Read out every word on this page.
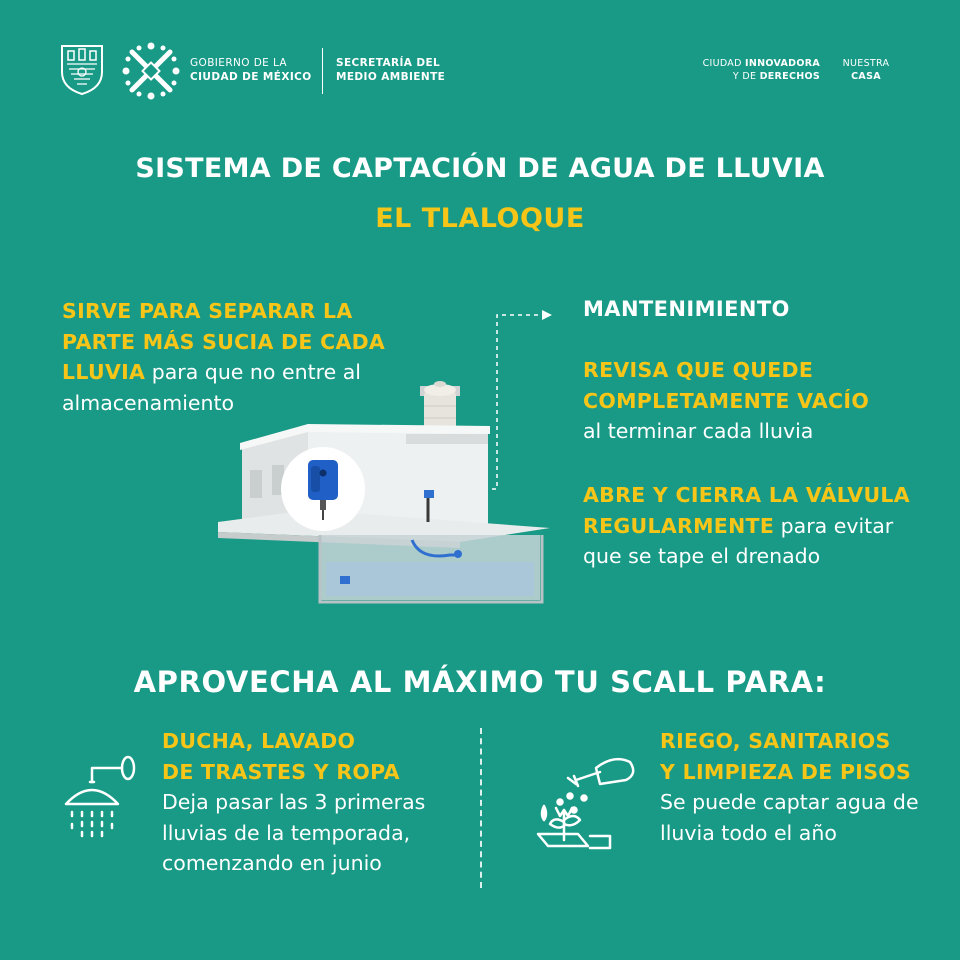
GOBIERNO DE LA
CIUDAD DE MÉXICO
SECRETARÍA DEL
MEDIO AMBIENTE
CIUDAD INNOVADORA
Y DE DERECHOS
NUESTRA
CASA
SISTEMA DE CAPTACIÓN DE AGUA DE LLUVIA
EL TLALOQUE
SIRVE PARA SEPARAR LA PARTE MÁS SUCIA DE CADA LLUVIA para que no entre al almacenamiento
MANTENIMIENTO
REVISA QUE QUEDE COMPLETAMENTE VACÍO
al terminar cada lluvia
ABRE Y CIERRA LA VÁLVULA REGULARMENTE para evitar que se tape el drenado
APROVECHA AL MÁXIMO TU SCALL PARA:
DUCHA, LAVADO
DE TRASTES Y ROPA
Deja pasar las 3 primeras lluvias de la temporada, comenzando en junio
RIEGO, SANITARIOS
Y LIMPIEZA DE PISOS
Se puede captar agua de lluvia todo el año
